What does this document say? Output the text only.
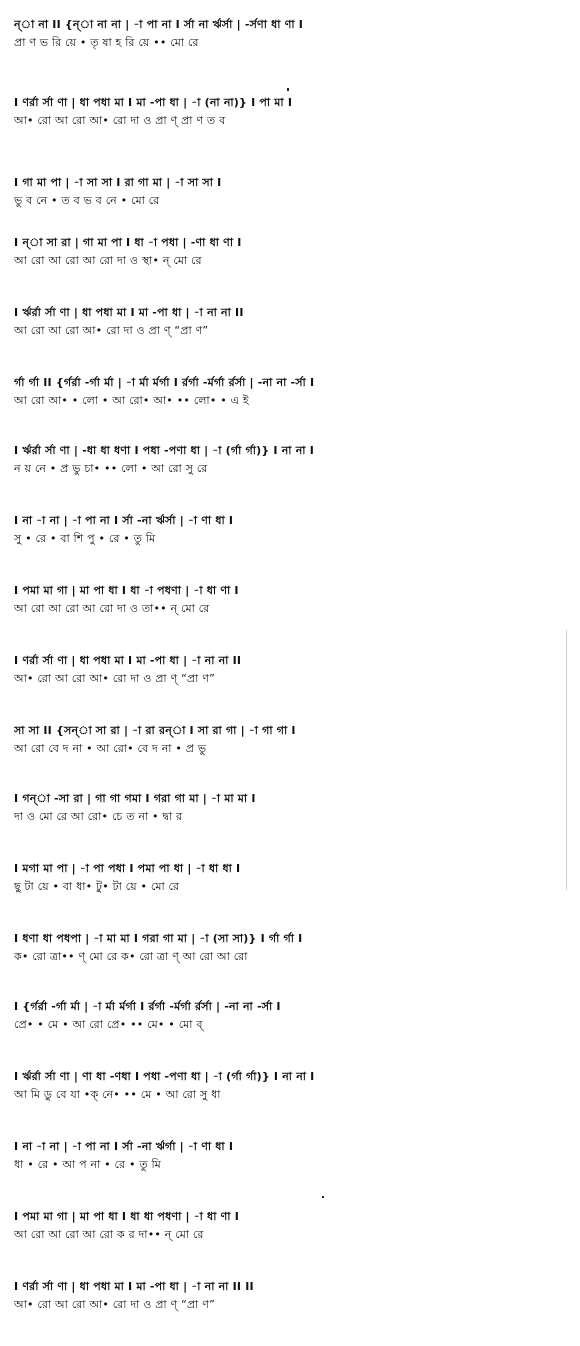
ন্‌া না II {ন্‌া না না | -া পা না I র্সা না র্ঋর্সা | -র্সণা ধা ণা I
প্রা ণ ভ রি য়ে • তৃ ষা হ রি য়ে •• মো রে
I ণর্রা র্সা ণা | ধা পধা মা I মা -পা ধা | -া (না না)} I পা মা I
আ• রো আ রো আ• রো দা ও প্রা ণ্‌ প্রা ণ ত ব
I গা মা পা | -া সা সা I রা গা মা | -া সা সা I
ভু ব নে • ত ব ভ ব নে • মো রে
I ন্‌া সা রা | গা মা পা I ধা -া পধা | -ণা ধা ণা I
আ রো আ রো আ রো দা ও স্থা• ন্‌ মো রে
I র্ঋর্রা র্সা ণা | ধা পধা মা I মা -পা ধা | -া না না II
আ রো আ রো আ• রো দা ও প্রা ণ্‌ “প্রা ণ”
র্গা র্গা II {র্গর্রা -র্গা র্মা | -া র্মা র্মর্গা I র্রর্গা -র্মর্গা র্রর্সা | -না না -র্সা I
আ রো আ• • লো • আ রো• আ• •• লো• • এ ই
I র্ঋর্রা র্সা ণা | -ধা ধা ধণা I পধা -পণা ধা | -া (র্গা র্গা)} I না না I
ন য় নে • প্র ভু চা• •• লো • আ রো সু রে
I না -া না | -া পা না I র্সা -না র্ঋর্সা | -া ণা ধা I
সু • রে • বা শি পু • রে • তু মি
I পমা মা গা | মা পা ধা I ধা -া পধণা | -া ধা ণা I
আ রো আ রো আ রো দা ও তা•• ন্‌ মো রে
I ণর্রা র্সা ণা | ধা পধা মা I মা -পা ধা | -া না না II
আ• রো আ রো আ• রো দা ও প্রা ণ্‌ “প্রা ণ”
সা সা II {সন্‌া সা রা | -া রা রন্‌া I সা রা গা | -া গা গা I
আ রো বে দ না • আ রো• বে দ না • প্র ভু
I গন্‌া -সা রা | গা গা গমা I গরা গা মা | -া মা মা I
দা ও মো রে আ রো• চে ত না • দ্বা র
I মগা মা পা | -া পা পধা I পমা পা ধা | -া ধা ধা I
ছু টা য়ে • বা ধা• টু• টা য়ে • মো রে
I ধণা ধা পধপা | -া মা মা I গরা গা মা | -া (সা সা)} I র্গা র্গা I
ক• রো ত্রা•• ণ্‌ মো রে ক• রো ত্রা ণ্‌ আ রো আ রো
I {র্গর্রা -র্গা র্মা | -া র্মা র্মর্গা I র্রর্গা -র্মর্গা র্রর্সা | -না না -র্সা I
প্রে• • মে • আ রো প্রে• •• মে• • মো ব্‌
I র্ঋর্রা র্সা ণা | ণা ধা -ণধা I পধা -পণা ধা | -া (র্গা র্গা)} I না না I
আ মি ডু বে যা •ক্‌ নে• •• মে • আ রো সু ধা
I না -া না | -া পা না I র্সা -না র্ঋর্গা | -া ণা ধা I
ধা • রে • আ প না • রে • তু মি
I পমা মা গা | মা পা ধা I ধা ধা পধণা | -া ধা ণা I
আ রো আ রো আ রো ক র দা•• ন্‌ মো রে
I ণর্রা র্সা ণা | ধা পধা মা I মা -পা ধা | -া না না II II
আ• রো আ রো আ• রো দা ও প্রা ণ্‌ “প্রা ণ”
